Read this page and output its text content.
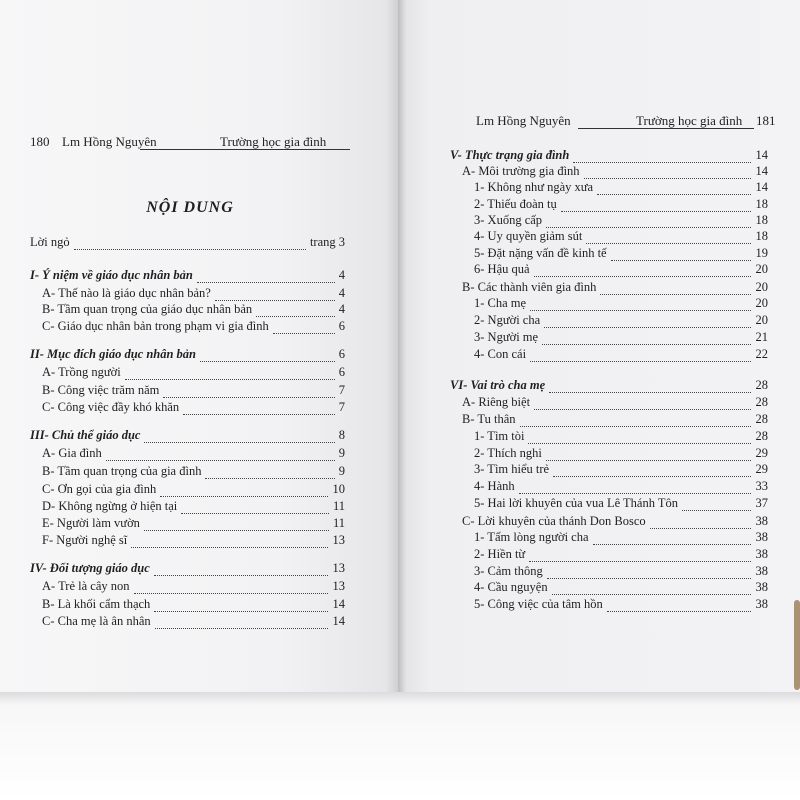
180 Lm Hồng Nguyên	Trường học gia đình
NỘI DUNG
Lời ngỏ	trang 3
I- Ý niệm về giáo dục nhân bản	4
A- Thế nào là giáo dục nhân bản?	4
B- Tầm quan trọng của giáo dục nhân bản	4
C- Giáo dục nhân bản trong phạm vi gia đình	6
II- Mục đích giáo dục nhân bản	6
A- Trồng người	6
B- Công việc trăm năm	7
C- Công việc đầy khó khăn	7
III- Chủ thể giáo dục	8
A- Gia đình	9
B- Tầm quan trọng của gia đình	9
C- Ơn gọi của gia đình	10
D- Không ngừng ở hiện tại	11
E- Người làm vườn	11
F- Người nghệ sĩ	13
IV- Đối tượng giáo dục	13
A- Trẻ là cây non	13
B- Là khối cẩm thạch	14
C- Cha mẹ là ân nhân	14
Lm Hồng Nguyên	Trường học gia đình 181
V- Thực trạng gia đình	14
A- Môi trường gia đình	14
1- Không như ngày xưa	14
2- Thiếu đoàn tụ	18
3- Xuống cấp	18
4- Uy quyền giảm sút	18
5- Đặt nặng vấn đề kinh tế	19
6- Hậu quả	20
B- Các thành viên gia đình	20
1- Cha mẹ	20
2- Người cha	20
3- Người mẹ	21
4- Con cái	22
VI- Vai trò cha mẹ	28
A- Riêng biệt	28
B- Tu thân	28
1- Tìm tòi	28
2- Thích nghi	29
3- Tìm hiểu trẻ	29
4- Hành	33
5- Hai lời khuyên của vua Lê Thánh Tôn	37
C- Lời khuyên của thánh Don Bosco	38
1- Tấm lòng người cha	38
2- Hiền từ	38
3- Cảm thông	38
4- Cầu nguyện	38
5- Công việc của tâm hồn	38
